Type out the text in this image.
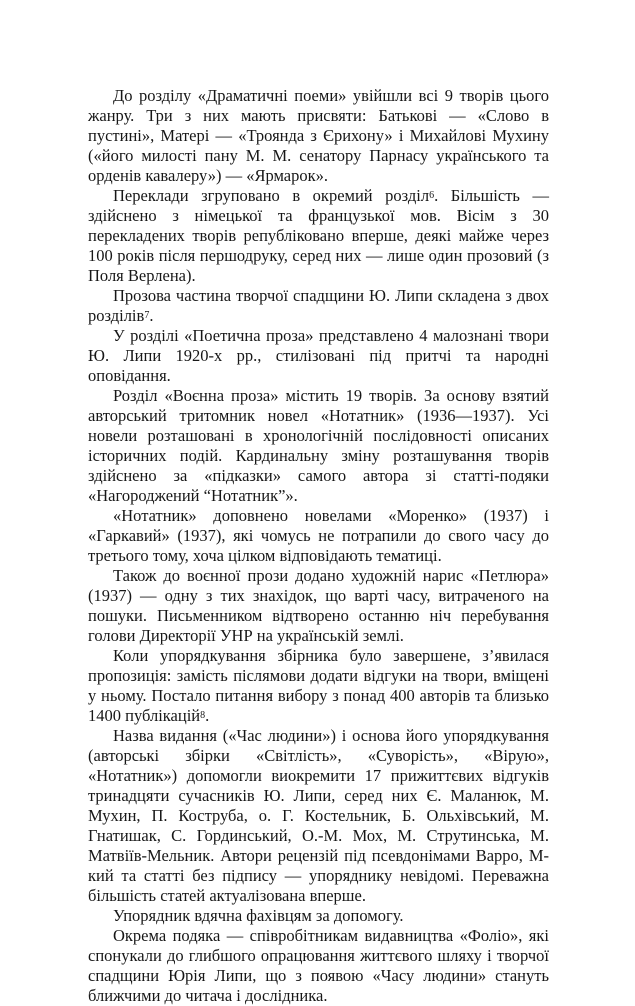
До розділу «Драматичні поеми» увійшли всі 9 творів цього жанру. Три з них мають присвяти: Батькові — «Слово в пустині», Матері — «Троянда з Єрихону» і Михайлові Мухину («його милості пану М. М. сенатору Парнасу українського та орденів кавалеру») — «Ярмарок».

Переклади згруповано в окремий розділ$^6$. Більшість — здійснено з німецької та французької мов. Вісім з 30 перекладених творів републіковано вперше, деякі майже через 100 років після першодруку, серед них — лише один прозовий (з Поля Верлена).

Прозова частина творчої спадщини Ю. Липи складена з двох розділів$^7$.

У розділі «Поетична проза» представлено 4 малознані твори Ю. Липи 1920-х рр., стилізовані під притчі та народні оповідання.

Розділ «Воєнна проза» містить 19 творів. За основу взятий авторський тритомник новел «Нотатник» (1936—1937). Усі новели розташовані в хронологічній послідовності описаних історичних подій. Кардинальну зміну розташування творів здійснено за «підказки» самого автора зі статті-подяки «Нагороджений “Нотатник”».

«Нотатник» доповнено новелами «Моренко» (1937) і «Гаркавий» (1937), які чомусь не потрапили до свого часу до третього тому, хоча цілком відповідають тематиці.

Також до воєнної прози додано художній нарис «Петлюра» (1937) — одну з тих знахідок, що варті часу, витраченого на пошуки. Письменником відтворено останню ніч перебування голови Директорії УНР на українській землі.

Коли упорядкування збірника було завершене, з’явилася пропозиція: замість післямови додати відгуки на твори, вміщені у ньому. Постало питання вибору з понад 400 авторів та близько 1400 публікацій$^8$.

Назва видання («Час людини») і основа його упорядкування (авторські збірки «Світлість», «Суворість», «Вірую», «Нотатник») допомогли виокремити 17 прижиттєвих відгуків тринадцяти сучасників Ю. Липи, серед них Є. Маланюк, М. Мухин, П. Коструба, о. Г. Костельник, Б. Ольхівський, М. Гнатишак, С. Гординський, О.-М. Мох, М. Струтинська, М. Матвіїв-Мельник. Автори рецензій під псевдонімами Варро, М-кий та статті без підпису — упоряднику невідомі. Переважна більшість статей актуалізована вперше.

Упорядник вдячна фахівцям за допомогу.

Окрема подяка — співробітникам видавництва «Фоліо», які спонукали до глибшого опрацювання життєвого шляху і творчої спадщини Юрія Липи, що з появою «Часу людини» стануть ближчими до читача і дослідника.
